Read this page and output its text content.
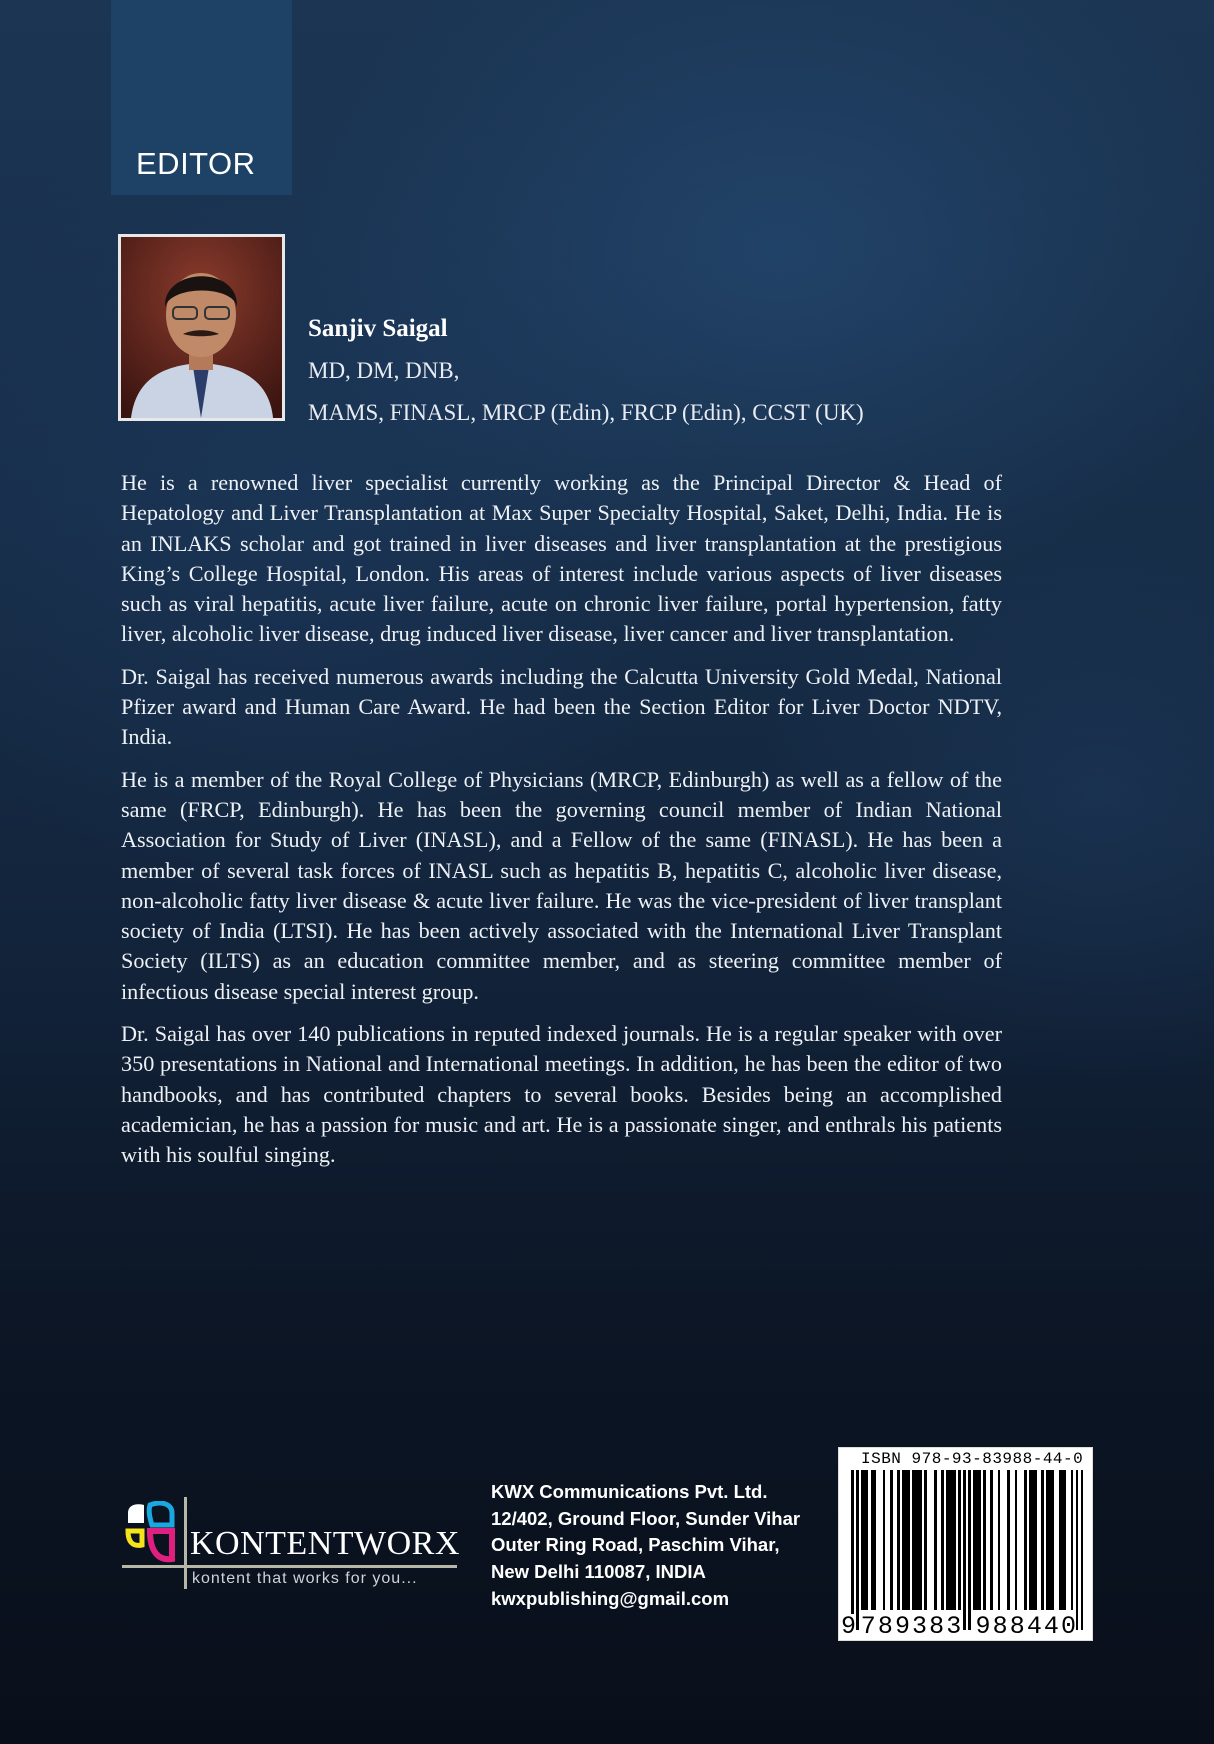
EDITOR
Sanjiv Saigal
MD, DM, DNB,
MAMS, FINASL, MRCP (Edin), FRCP (Edin), CCST (UK)

He is a renowned liver specialist currently working as the Principal Director & Head of Hepatology and Liver Transplantation at Max Super Specialty Hospital, Saket, Delhi, India. He is an INLAKS scholar and got trained in liver diseases and liver transplantation at the prestigious King’s College Hospital, London. His areas of interest include various aspects of liver diseases such as viral hepatitis, acute liver failure, acute on chronic liver failure, portal hypertension, fatty liver, alcoholic liver disease, drug induced liver disease, liver cancer and liver transplantation.

Dr. Saigal has received numerous awards including the Calcutta University Gold Medal, National Pfizer award and Human Care Award. He had been the Section Editor for Liver Doctor NDTV, India.

He is a member of the Royal College of Physicians (MRCP, Edinburgh) as well as a fellow of the same (FRCP, Edinburgh). He has been the governing council member of Indian National Association for Study of Liver (INASL), and a Fellow of the same (FINASL). He has been a member of several task forces of INASL such as hepatitis B, hepatitis C, alcoholic liver disease, non-alcoholic fatty liver disease & acute liver failure. He was the vice-president of liver transplant society of India (LTSI). He has been actively associated with the International Liver Transplant Society (ILTS) as an education committee member, and as steering committee member of infectious disease special interest group.

Dr. Saigal has over 140 publications in reputed indexed journals. He is a regular speaker with over 350 presentations in National and International meetings. In addition, he has been the editor of two handbooks, and has contributed chapters to several books. Besides being an accomplished academician, he has a passion for music and art. He is a passionate singer, and enthrals his patients with his soulful singing.

KONTENTWORX
kontent that works for you...
KWX Communications Pvt. Ltd.
12/402, Ground Floor, Sunder Vihar
Outer Ring Road, Paschim Vihar,
New Delhi 110087, INDIA
kwxpublishing@gmail.com
ISBN 978-93-83988-44-0
9 7 8 9 3 8 3 9 8 8 4 4 0
